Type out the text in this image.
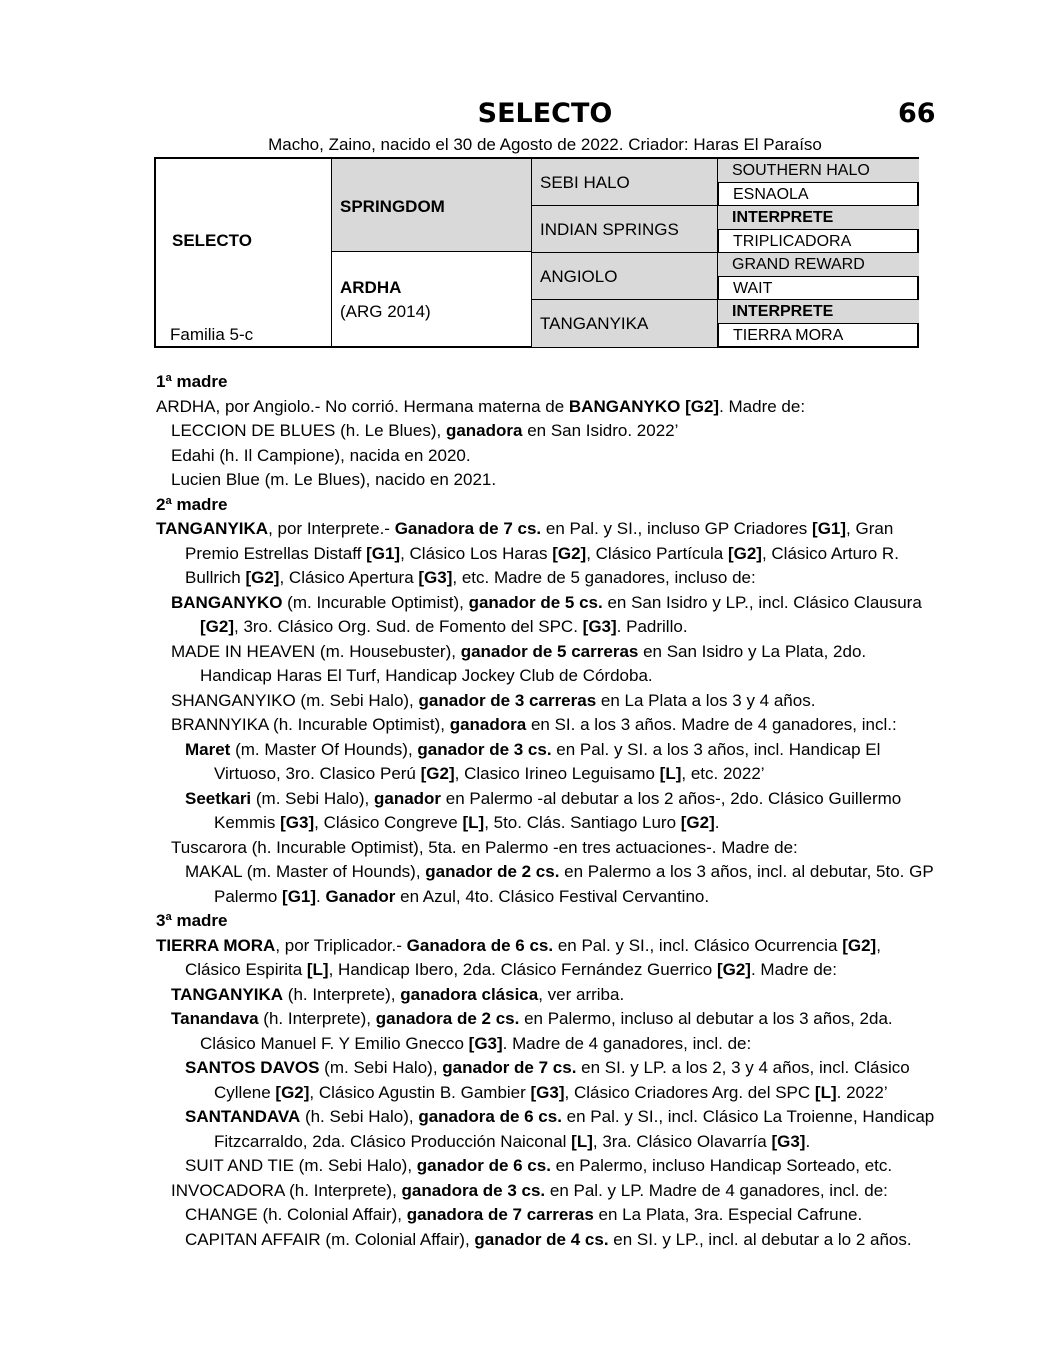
SELECTO	66
Macho, Zaino, nacido el 30 de Agosto de 2022. Criador: Haras El Paraíso
SELECTO
Familia 5-c
SPRINGDOM
ARDHA
(ARG 2014)
SEBI HALO
INDIAN SPRINGS
ANGIOLO
TANGANYIKA
SOUTHERN HALO
ESNAOLA
INTERPRETE
TRIPLICADORA
GRAND REWARD
WAIT
INTERPRETE
TIERRA MORA
1ª madre
ARDHA, por Angiolo.- No corrió. Hermana materna de BANGANYKO [G2]. Madre de:
LECCION DE BLUES (h. Le Blues), ganadora en San Isidro. 2022’
Edahi (h. Il Campione), nacida en 2020.
Lucien Blue (m. Le Blues), nacido en 2021.
2ª madre
TANGANYIKA, por Interprete.- Ganadora de 7 cs. en Pal. y SI., incluso GP Criadores [G1], Gran Premio Estrellas Distaff [G1], Clásico Los Haras [G2], Clásico Partícula [G2], Clásico Arturo R. Bullrich [G2], Clásico Apertura [G3], etc. Madre de 5 ganadores, incluso de:
BANGANYKO (m. Incurable Optimist), ganador de 5 cs. en San Isidro y LP., incl. Clásico Clausura [G2], 3ro. Clásico Org. Sud. de Fomento del SPC. [G3]. Padrillo.
MADE IN HEAVEN (m. Housebuster), ganador de 5 carreras en San Isidro y La Plata, 2do. Handicap Haras El Turf, Handicap Jockey Club de Córdoba.
SHANGANYIKO (m. Sebi Halo), ganador de 3 carreras en La Plata a los 3 y 4 años.
BRANNYIKA (h. Incurable Optimist), ganadora en SI. a los 3 años. Madre de 4 ganadores, incl.:
Maret (m. Master Of Hounds), ganador de 3 cs. en Pal. y SI. a los 3 años, incl. Handicap El Virtuoso, 3ro. Clasico Perú [G2], Clasico Irineo Leguisamo [L], etc. 2022’
Seetkari (m. Sebi Halo), ganador en Palermo -al debutar a los 2 años-, 2do. Clásico Guillermo Kemmis [G3], Clásico Congreve [L], 5to. Clás. Santiago Luro [G2].
Tuscarora (h. Incurable Optimist), 5ta. en Palermo -en tres actuaciones-. Madre de:
MAKAL (m. Master of Hounds), ganador de 2 cs. en Palermo a los 3 años, incl. al debutar, 5to. GP Palermo [G1]. Ganador en Azul, 4to. Clásico Festival Cervantino.
3ª madre
TIERRA MORA, por Triplicador.- Ganadora de 6 cs. en Pal. y SI., incl. Clásico Ocurrencia [G2], Clásico Espirita [L], Handicap Ibero, 2da. Clásico Fernández Guerrico [G2]. Madre de:
TANGANYIKA (h. Interprete), ganadora clásica, ver arriba.
Tanandava (h. Interprete), ganadora de 2 cs. en Palermo, incluso al debutar a los 3 años, 2da. Clásico Manuel F. Y Emilio Gnecco [G3]. Madre de 4 ganadores, incl. de:
SANTOS DAVOS (m. Sebi Halo), ganador de 7 cs. en SI. y LP. a los 2, 3 y 4 años, incl. Clásico Cyllene [G2], Clásico Agustin B. Gambier [G3], Clásico Criadores Arg. del SPC [L]. 2022’
SANTANDAVA (h. Sebi Halo), ganadora de 6 cs. en Pal. y SI., incl. Clásico La Troienne, Handicap Fitzcarraldo, 2da. Clásico Producción Naiconal [L], 3ra. Clásico Olavarría [G3].
SUIT AND TIE (m. Sebi Halo), ganador de 6 cs. en Palermo, incluso Handicap Sorteado, etc.
INVOCADORA (h. Interprete), ganadora de 3 cs. en Pal. y LP. Madre de 4 ganadores, incl. de:
CHANGE (h. Colonial Affair), ganadora de 7 carreras en La Plata, 3ra. Especial Cafrune.
CAPITAN AFFAIR (m. Colonial Affair), ganador de 4 cs. en SI. y LP., incl. al debutar a lo 2 años.
